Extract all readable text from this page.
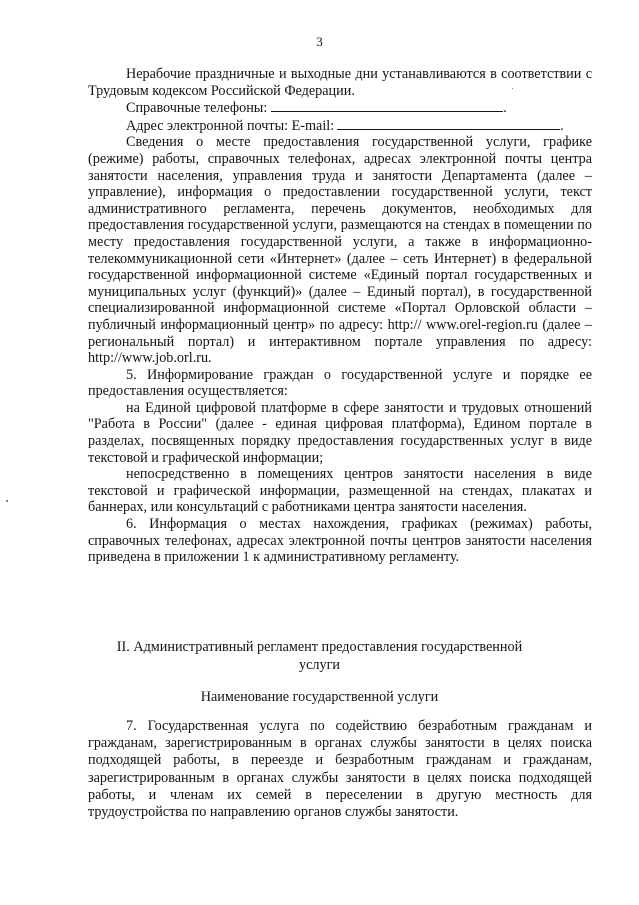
3

Нерабочие праздничные и выходные дни устанавливаются в соответствии с Трудовым кодексом Российской Федерации.

Справочные телефоны:	.

Адрес электронной почты: E-mail:	.

Сведения о месте предоставления государственной услуги, графике (режиме) работы, справочных телефонах, адресах электронной почты центра занятости населения, управления труда и занятости Департамента (далее – управление), информация о предоставлении государственной услуги, текст административного регламента, перечень документов, необходимых для предоставления государственной услуги, размещаются на стендах в помещении по месту предоставления государственной услуги, а также в информационно-телекоммуникационной сети «Интернет» (далее – сеть Интернет) в федеральной государственной информационной системе «Единый портал государственных и муниципальных услуг (функций)» (далее – Единый портал), в государственной специализированной информационной системе «Портал Орловской области – публичный информационный центр» по адресу: http:// www.orel-region.ru (далее – региональный портал) и интерактивном портале управления по адресу: http://www.job.orl.ru.

5. Информирование граждан о государственной услуге и порядке ее предоставления осуществляется:

на Единой цифровой платформе в сфере занятости и трудовых отношений "Работа в России" (далее - единая цифровая платформа), Едином портале в разделах, посвященных порядку предоставления государственных услуг в виде текстовой и графической информации;

непосредственно в помещениях центров занятости населения в виде текстовой и графической информации, размещенной на стендах, плакатах и баннерах, или консультаций с работниками центра занятости населения.

6. Информация о местах нахождения, графиках (режимах) работы, справочных телефонах, адресах электронной почты центров занятости населения приведена в приложении 1 к административному регламенту.

II. Административный регламент предоставления государственной
услуги

Наименование государственной услуги

7. Государственная услуга по содействию безработным гражданам и гражданам, зарегистрированным в органах службы занятости в целях поиска подходящей работы, в переезде и безработным гражданам и гражданам, зарегистрированным в органах службы занятости в целях поиска подходящей работы, и членам их семей в переселении в другую местность для трудоустройства по направлению органов службы занятости.
